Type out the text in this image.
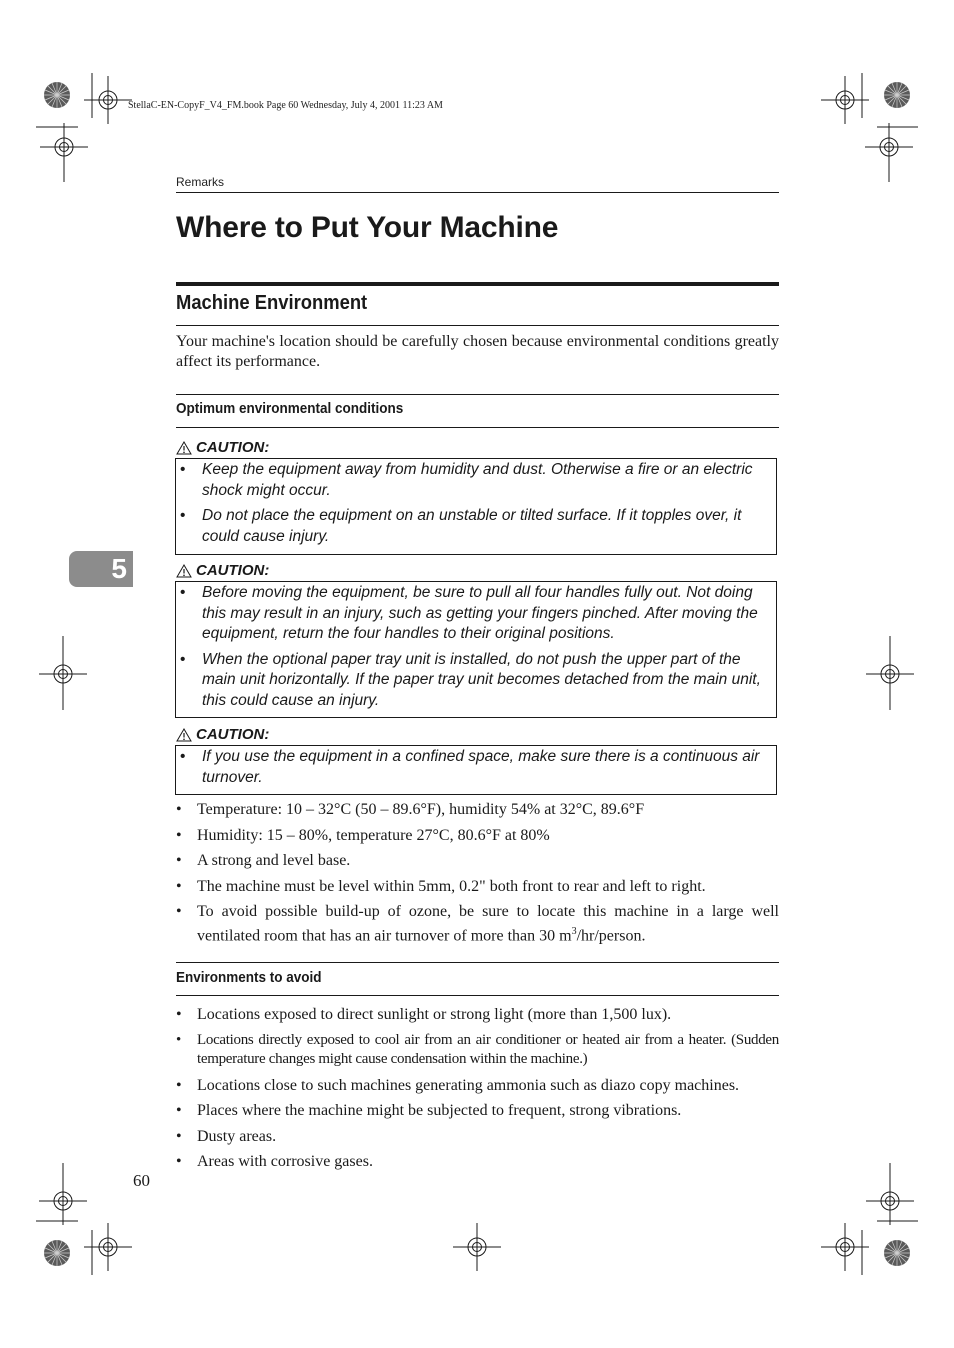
StellaC-EN-CopyF_V4_FM.book Page 60 Wednesday, July 4, 2001 11:23 AM
Remarks
Where to Put Your Machine
Machine Environment

Your machine's location should be carefully chosen because environmental conditions greatly affect its performance.

Optimum environmental conditions
CAUTION:
• Keep the equipment away from humidity and dust. Otherwise a fire or an electric shock might occur.
• Do not place the equipment on an unstable or tilted surface. If it topples over, it could cause injury.
5	CAUTION:
• Before moving the equipment, be sure to pull all four handles fully out. Not doing this may result in an injury, such as getting your fingers pinched. After moving the equipment, return the four handles to their original positions.
• When the optional paper tray unit is installed, do not push the upper part of the main unit horizontally. If the paper tray unit becomes detached from the main unit, this could cause an injury.
CAUTION:
• If you use the equipment in a confined space, make sure there is a continuous air turnover.
• Temperature: 10 – 32°C (50 – 89.6°F), humidity 54% at 32°C, 89.6°F
• Humidity: 15 – 80%, temperature 27°C, 80.6°F at 80%
• A strong and level base.
• The machine must be level within 5mm, 0.2" both front to rear and left to right.
• To avoid possible build-up of ozone, be sure to locate this machine in a large well ventilated room that has an air turnover of more than 30 $m^3/hr$/person.
Environments to avoid
• Locations exposed to direct sunlight or strong light (more than 1,500 lux).
• Locations directly exposed to cool air from an air conditioner or heated air from a heater. (Sudden temperature changes might cause condensation within the machine.)
• Locations close to such machines generating ammonia such as diazo copy machines.
• Places where the machine might be subjected to frequent, strong vibrations.
• Dusty areas.
• Areas with corrosive gases.
60
